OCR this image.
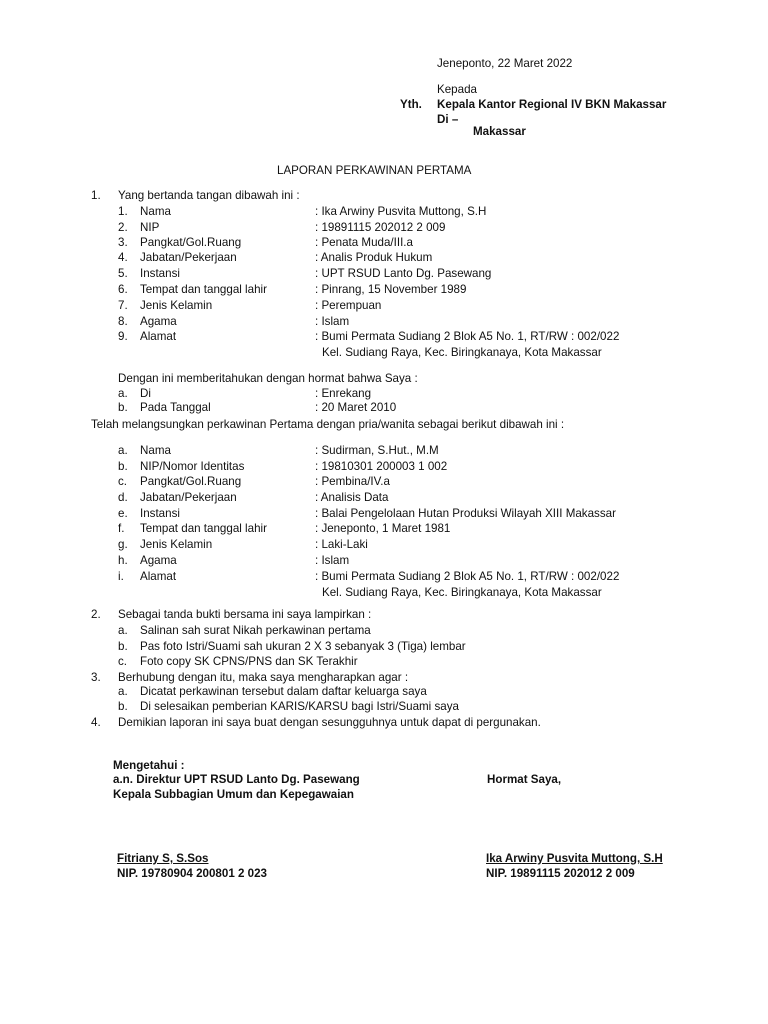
Jeneponto, 22 Maret 2022
Kepada
Yth. Kepala Kantor Regional IV BKN Makassar
Di –
Makassar
LAPORAN PERKAWINAN PERTAMA
1. Yang bertanda tangan dibawah ini :
1. Nama	: Ika Arwiny Pusvita Muttong, S.H
2. NIP	: 19891115 202012 2 009
3. Pangkat/Gol.Ruang	: Penata Muda/III.a
4. Jabatan/Pekerjaan	: Analis Produk Hukum
5. Instansi	: UPT RSUD Lanto Dg. Pasewang
6. Tempat dan tanggal lahir	: Pinrang, 15 November 1989
7. Jenis Kelamin	: Perempuan
8. Agama	: Islam
9. Alamat	: Bumi Permata Sudiang 2 Blok A5 No. 1, RT/RW : 002/022
Kel. Sudiang Raya, Kec. Biringkanaya, Kota Makassar
Dengan ini memberitahukan dengan hormat bahwa Saya :
a. Di	: Enrekang
b. Pada Tanggal	: 20 Maret 2010
Telah melangsungkan perkawinan Pertama dengan pria/wanita sebagai berikut dibawah ini :
a. Nama	: Sudirman, S.Hut., M.M
b. NIP/Nomor Identitas	: 19810301 200003 1 002
c. Pangkat/Gol.Ruang	: Pembina/IV.a
d. Jabatan/Pekerjaan	: Analisis Data
e. Instansi	: Balai Pengelolaan Hutan Produksi Wilayah XIII Makassar
f. Tempat dan tanggal lahir	: Jeneponto, 1 Maret 1981
g. Jenis Kelamin	: Laki-Laki
h. Agama	: Islam
i. Alamat	: Bumi Permata Sudiang 2 Blok A5 No. 1, RT/RW : 002/022
Kel. Sudiang Raya, Kec. Biringkanaya, Kota Makassar
2. Sebagai tanda bukti bersama ini saya lampirkan :
a. Salinan sah surat Nikah perkawinan pertama
b. Pas foto Istri/Suami sah ukuran 2 X 3 sebanyak 3 (Tiga) lembar
c. Foto copy SK CPNS/PNS dan SK Terakhir
3. Berhubung dengan itu, maka saya mengharapkan agar :
a. Dicatat perkawinan tersebut dalam daftar keluarga saya
b. Di selesaikan pemberian KARIS/KARSU bagi Istri/Suami saya
4. Demikian laporan ini saya buat dengan sesungguhnya untuk dapat di pergunakan.
Mengetahui :
a.n. Direktur UPT RSUD Lanto Dg. Pasewang
Kepala Subbagian Umum dan Kepegawaian
Hormat Saya,
Fitriany S, S.Sos
NIP. 19780904 200801 2 023
Ika Arwiny Pusvita Muttong, S.H
NIP. 19891115 202012 2 009
